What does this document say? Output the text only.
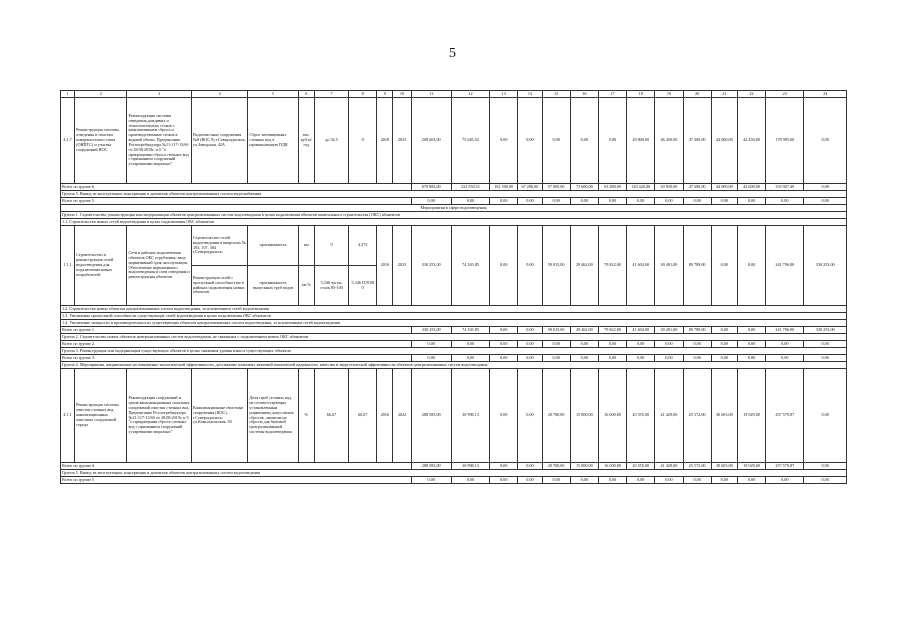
5
1	2	3	4	5	6	7	8	9	10	11	12	13	14	15	16	17	18	19	20	21	22	23	24
4.1.7	Реконструкция системы отведения и очистки поверхностного стока (ОНПТС) и участка сооружений ВОС	Реконструкция системы отведения дождевых и технологических стоков с канализованием сброса и производственных стоков в водный объект. Предписание Роспотребнадзора №11-117-13/бб от 28.08.2019г. п.5 "о прекращении сброса сточных вод с признанием сооружений устаревшими морально"	Водоочистные сооружения №8 (ВОС 8) г.Североуральск, ул.Заводская, 42А	Сброс неочищенных сточных вод в промышленную ПДК	тыс. куб.м/год	до 34,5	0	2018	2023	208 603,00	75 645,52	0,00	0,00	0,00	0,00	0,00	20 800,00	46 450,00	47 300,00	44 000,00	42 450,00	178 985,00	0,00
Всего по группе 6.										670 882,00	522 594,51	161 500,00	67 290,00	57 000,00	73 600,00	63 280,00	120 420,00	20 850,00	47 300,00	44 000,00	42 600,00	333 907,49	0,00
Группа 5. Вывод из эксплуатации, консервация и демонтаж объектов централизованных систем водоснабжения																							
Всего по группе 5.										0,00	0,00	0,00	0,00	0,00	0,00	0,00	0,00	0,00	0,00	0,00	0,00	0,00	0,00
Мероприятия в сфере водоотведения																							
Группа 1. Строительство, реконструкция или модернизация объектов централизованных систем водоотведения в целях подключения объектов капитального строительства (ОКС) абонентов																							
1.1. Строительство новых сетей водоотведения в целях подключения ОКС абонентов																							
1.1.1	Строительство и реконструкция сетей водоотведения для подключения новых потребителей	Сети в районах подключения объектов ОКС угрубления; ввод нормативный срок эксплуатации. Обеспечение нормативного водоотведения и схем отведения и реконструкция объектов	Строительство сетей водоотведения в кварталах № 103, 107, 304 г.Североуральск.	протяженность	км	0	4,372	2016	2023	330 253,00	74 165,85	0,00	0,00	59 015,00	29 462,00	79 822,00	41 604,00	30 491,00	89 789,00	0,00	0,00	241 796,00	330 253,00
			Реконструкция сетей с пропускной способностью в районах подключения новых объектов.	протяженность выпускных труб водов	км %	5,346 чугун, сталь 85-100	5,346 ПЭ100 0																
1.2. Строительство новых объектов централизованных систем водоотведения, за исключением сетей водоотведения																							
1.3. Увеличение пропускной способности существующих сетей водоотведения в целях подключения ОКС абонентов																							
1.4. Увеличение мощности и производительности существующих объектов централизованных систем водоотведения, за исключением сетей водоотведения																							
Всего по группе 1.										330 253,00	74 165,85	0,00	0,00	59 015,00	29 462,00	79 822,00	41 604,00	30 491,00	89 789,00	0,00	0,00	241 796,00	330 253,00
Группа 2. Строительство новых объектов централизованных систем водоотведения, не связанных с подключением новых ОКС абонентов																							
Всего по группе 2.										0,00	0,00	0,00	0,00	0,00	0,00	0,00	0,00	0,00	0,00	0,00	0,00	0,00	0,00
Группа 3. Реконструкция или модернизация существующих объектов в целях снижения уровня износа существующих объектов.																							
Всего по группе 3.										0,00	0,00	0,00	0,00	0,00	0,00	0,00	0,00	0,00	0,00	0,00	0,00	0,00	0,00
Группа 4. Мероприятия, направленные на повышение экологической эффективности, достижение плановых значений показателей надежности, качества и энергетической эффективности объектов централизованных систем водоотведения																							
4.1.1	Реконструкция системы очистки сточных вод канализационных очистных сооружений города	Реконструкция сооружений и цехов канализационных очистных сооружений очистки сточных вод. Предписание Роспотребнадзора №11-117-13/бб от 28.08.2019г. п.5 "о прекращении сброса сточных вод с признанием сооружений устаревшими морально"	Канализационные очистные сооружения (КОС), г.Североуральск, ул.Комсомольская, 30	Доля проб сточных вод, не соответствующих установленным нормативам допустимых сбросов, лимитам на сбросы для бытовой централизованной системы водоотведения	%	66,67	66,67	2016	2022	288 585,00	30 998,13	0,00	0,00	20 700,00	15 000,00	16 000,00	20 555,00	41 429,00	25 572,00	30 603,00	19 029,00	257 579,87	0,00
Всего по группе 4.										288 585,00	30 998,13	0,00	0,00	20 700,00	15 000,00	16 000,00	20 555,00	41 429,00	25 572,00	30 603,00	19 029,00	257 579,87	0,00
Группа 5. Вывод из эксплуатации, консервация и демонтаж объектов централизованных систем водоотведения																							
Всего по группе 5										0,00	0,00	0,00	0,00	0,00	0,00	0,00	0,00	0,00	0,00	0,00	0,00	0,00	0,00
